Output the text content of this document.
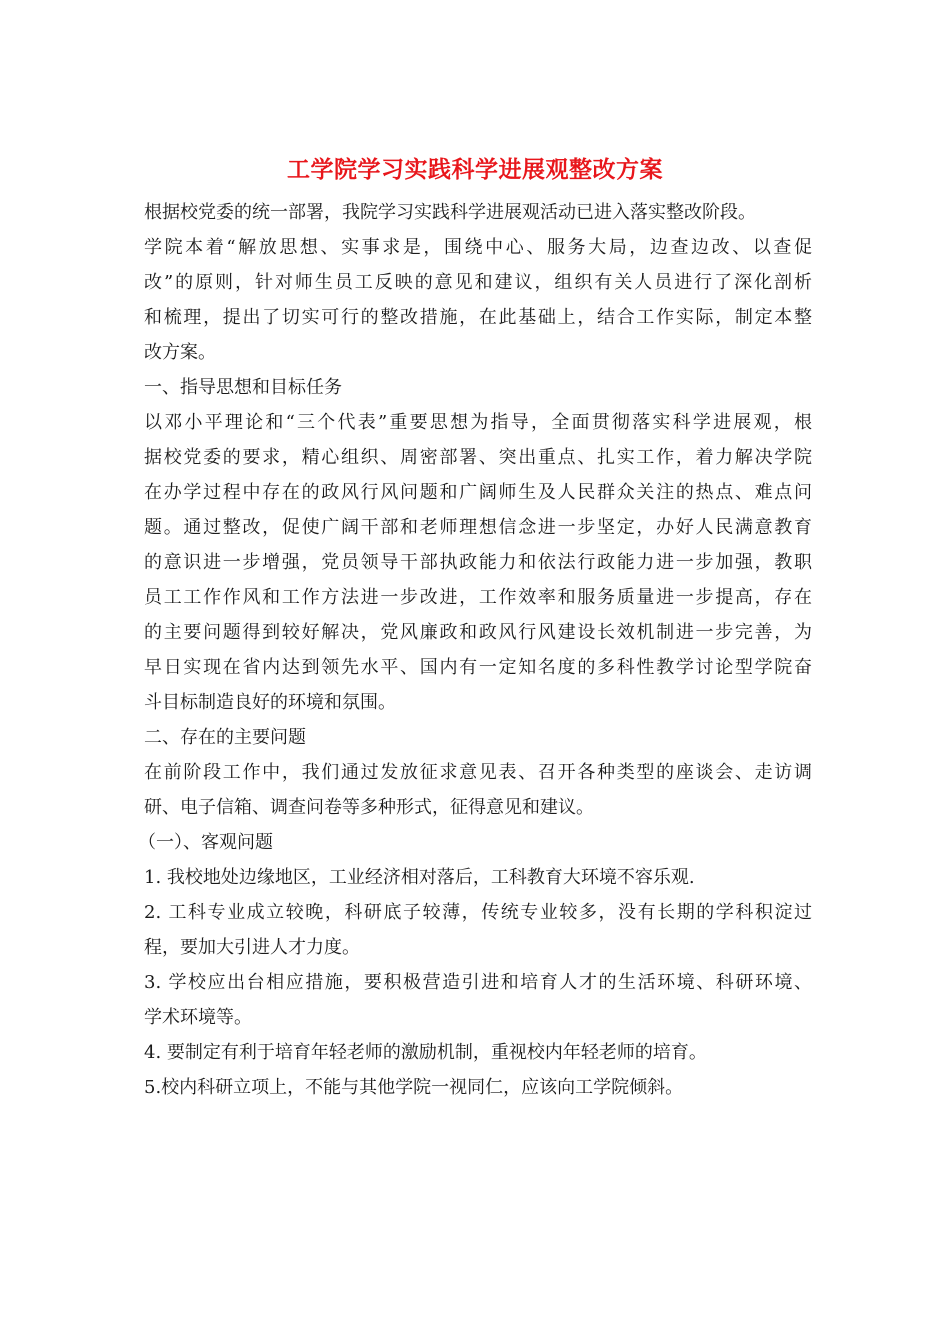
工学院学习实践科学进展观整改方案
根据校党委的统一部署，我院学习实践科学进展观活动已进入落实整改阶段。
学院本着“解放思想、实事求是，围绕中心、服务大局，边查边改、以查促
改”的原则，针对师生员工反映的意见和建议，组织有关人员进行了深化剖析
和梳理，提出了切实可行的整改措施，在此基础上，结合工作实际，制定本整
改方案。
一、指导思想和目标任务
以邓小平理论和“三个代表”重要思想为指导，全面贯彻落实科学进展观，根
据校党委的要求，精心组织、周密部署、突出重点、扎实工作，着力解决学院
在办学过程中存在的政风行风问题和广阔师生及人民群众关注的热点、难点问
题。通过整改，促使广阔干部和老师理想信念进一步坚定，办好人民满意教育
的意识进一步增强，党员领导干部执政能力和依法行政能力进一步加强，教职
员工工作作风和工作方法进一步改进，工作效率和服务质量进一步提高，存在
的主要问题得到较好解决，党风廉政和政风行风建设长效机制进一步完善，为
早日实现在省内达到领先水平、国内有一定知名度的多科性教学讨论型学院奋
斗目标制造良好的环境和氛围。
二、存在的主要问题
在前阶段工作中，我们通过发放征求意见表、召开各种类型的座谈会、走访调
研、电子信箱、调查问卷等多种形式，征得意见和建议。
（一）、客观问题
1. 我校地处边缘地区，工业经济相对落后，工科教育大环境不容乐观.
2. 工科专业成立较晚，科研底子较薄，传统专业较多，没有长期的学科积淀过
程，要加大引进人才力度。
3. 学校应出台相应措施，要积极营造引进和培育人才的生活环境、科研环境、
学术环境等。
4. 要制定有利于培育年轻老师的激励机制，重视校内年轻老师的培育。
5.校内科研立项上，不能与其他学院一视同仁，应该向工学院倾斜。
